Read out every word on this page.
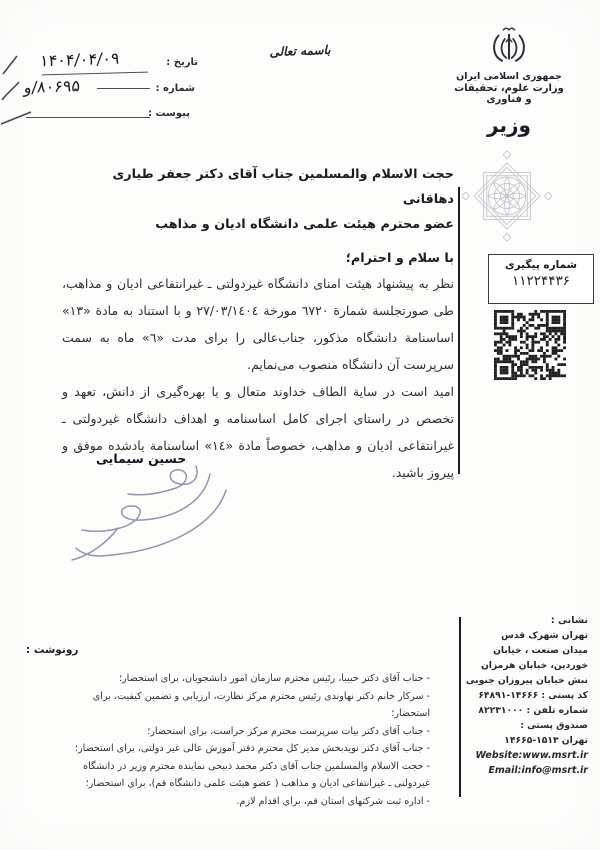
باسمه تعالی
جمهوری اسلامی ایران
وزارت علوم، تحقیقات و فناوری
وزیر
تاریخ :
۱۴۰۴/۰۴/۰۹
شماره :
۸۰۶۹۵/و
پیوست :
شماره پیگیری
۱۱۲۲۴۴۳۶
حجت الاسلام والمسلمین جناب آقای دکتر جعفر طیاری دهاقانی
عضو محترم هیئت علمی دانشگاه ادیان و مذاهب
با سلام و احترام؛

نظر به پیشنهاد هیئت امنای دانشگاه غیردولتی ـ غیرانتفاعی ادیان و مذاهب، طی صورتجلسة شمارة ٦٧٢٠ مورخة ٢٧/٠٣/١٤٠٤ و با استناد به مادة «١٣» اساسنامة دانشگاه مذکور، جناب‌عالی را برای مدت «٦» ماه به سمت سرپرست آن دانشگاه منصوب می‌نمایم.

امید است در سایة الطاف خداوند متعال و با بهره‌گیری از دانش، تعهد و تخصص در راستای اجرای کامل اساسنامه و اهداف دانشگاه غیردولتی ـ غیرانتفاعی ادیان و مذاهب، خصوصاً مادة «١٤» اساسنامة یادشده موفق و پیروز باشید.

حسین سیمایی
نشانی :
تهران شهرک قدس
میدان صنعت ، خیابان
خوردین، خیابان هرمزان
نبش خیابان پیروزان جنوبی
کد پستی : ۱۴۶۶۶-۶۴۸۹۱
شماره تلفن : ۸۲۲۳۱۰۰۰
صندوق پستی :
تهران ۱۵۱۳-۱۴۶۶۵
Website:www.msrt.ir
Email:info@msrt.ir
رونوشت :
- جناب آقای دکتر حبیبا، رئیس محترم سازمان امور دانشجویان، برای استحضار؛
- سرکار خانم دکتر نهاوندی رئیس محترم مرکز نظارت، ارزیابی و تضمین کیفیت، برای استحضار؛
- جناب آقای دکتر بیات سرپرست محترم مرکز حراست، برای استحضار؛
- جناب آقای دکتر نویدبخش مدیر کل محترم دفتر آموزش عالی غیر دولتی، برای استحضار؛
- حجت الاسلام والمسلمین جناب آقای دکتر محمد ذبیحی نماینده محترم وزیر در دانشگاه غیردولتی ـ غیرانتفاعی ادیان و مذاهب ( عضو هیئت علمی دانشگاه قم)، برای استحضار؛
- اداره ثبت شرکتهای استان قم، برای اقدام لازم.
